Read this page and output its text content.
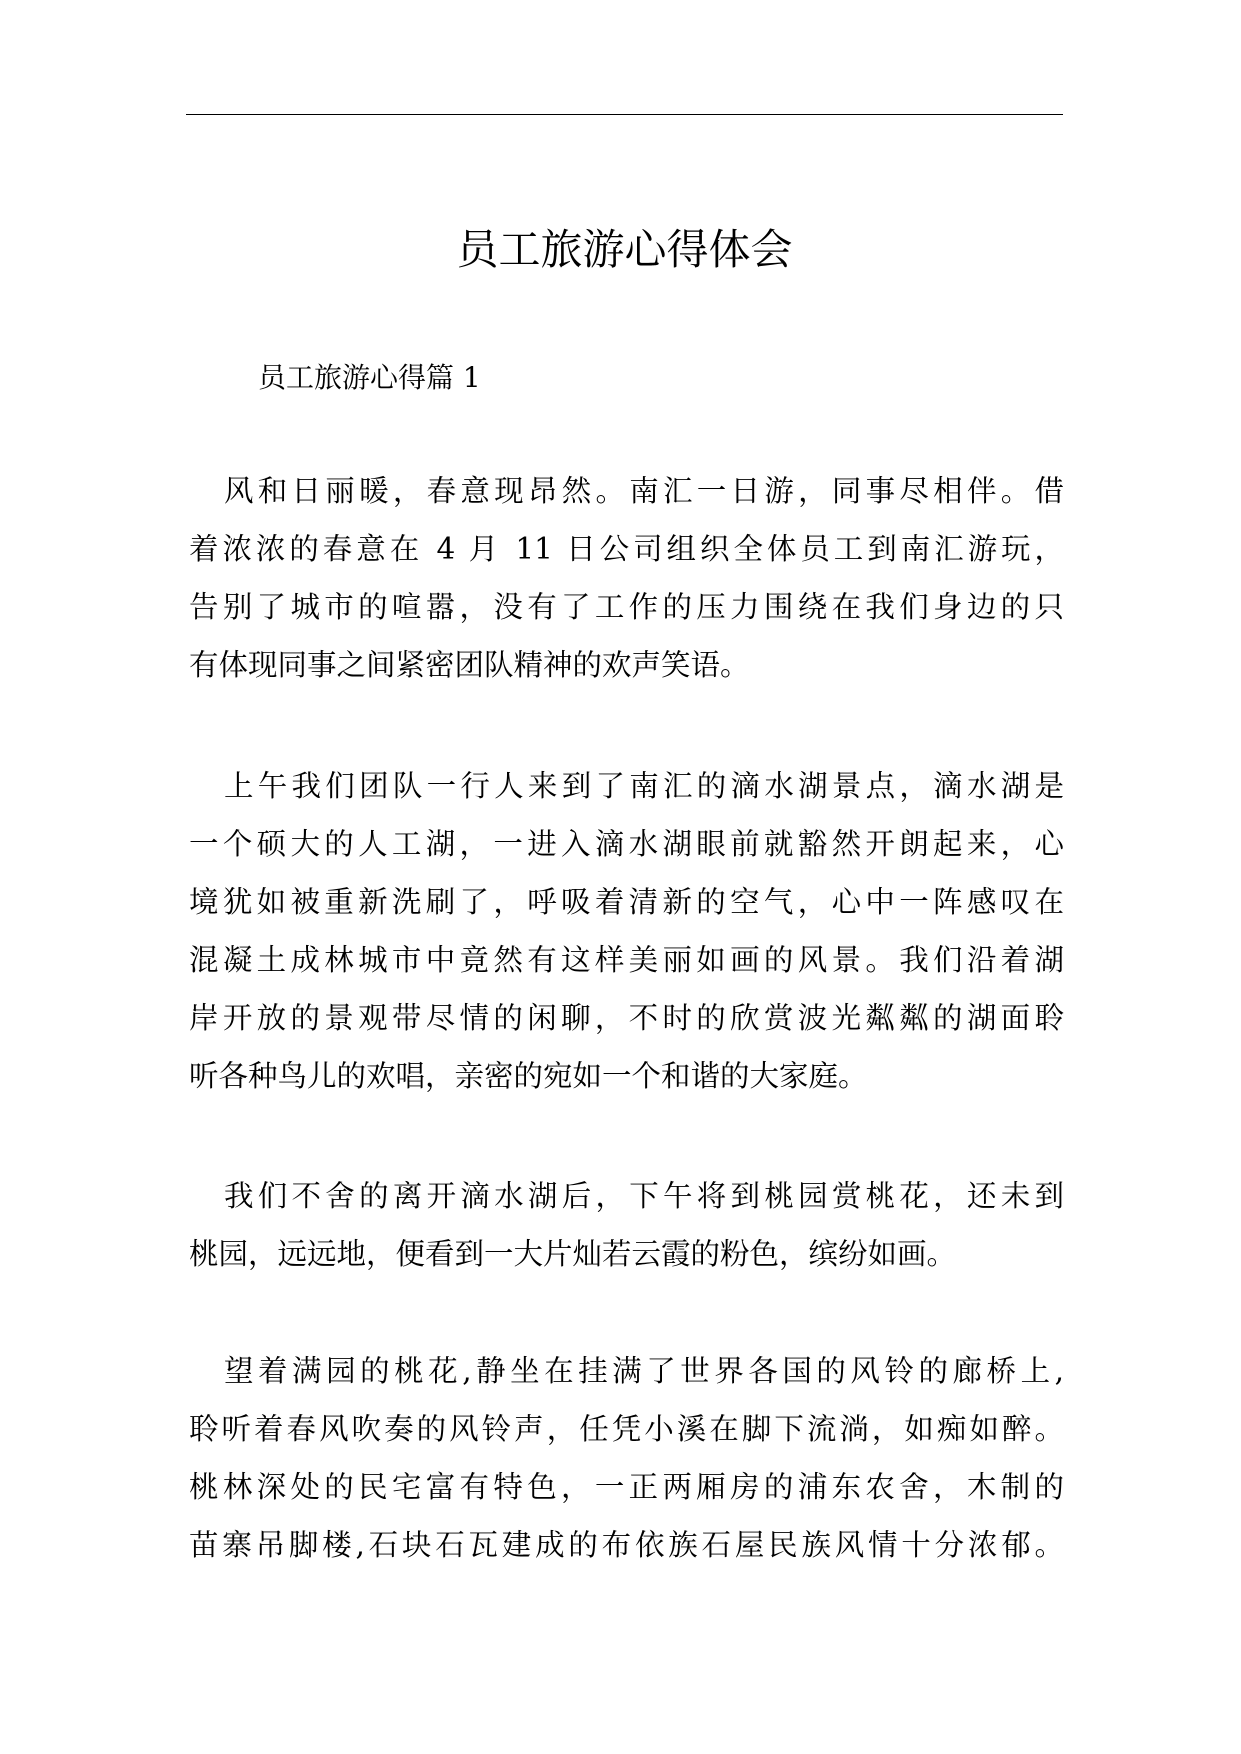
员工旅游心得体会
员工旅游心得篇 1
风和日丽暖，春意现昂然。南汇一日游，同事尽相伴。借
着浓浓的春意在 4 月 11 日公司组织全体员工到南汇游玩，
告别了城市的喧嚣，没有了工作的压力围绕在我们身边的只
有体现同事之间紧密团队精神的欢声笑语。
上午我们团队一行人来到了南汇的滴水湖景点，滴水湖是
一个硕大的人工湖，一进入滴水湖眼前就豁然开朗起来，心
境犹如被重新洗刷了，呼吸着清新的空气，心中一阵感叹在
混凝土成林城市中竟然有这样美丽如画的风景。我们沿着湖
岸开放的景观带尽情的闲聊，不时的欣赏波光粼粼的湖面聆
听各种鸟儿的欢唱，亲密的宛如一个和谐的大家庭。
我们不舍的离开滴水湖后，下午将到桃园赏桃花，还未到
桃园，远远地，便看到一大片灿若云霞的粉色，缤纷如画。
望着满园的桃花,静坐在挂满了世界各国的风铃的廊桥上,
聆听着春风吹奏的风铃声，任凭小溪在脚下流淌，如痴如醉。
桃林深处的民宅富有特色，一正两厢房的浦东农舍，木制的
苗寨吊脚楼,石块石瓦建成的布依族石屋民族风情十分浓郁。
